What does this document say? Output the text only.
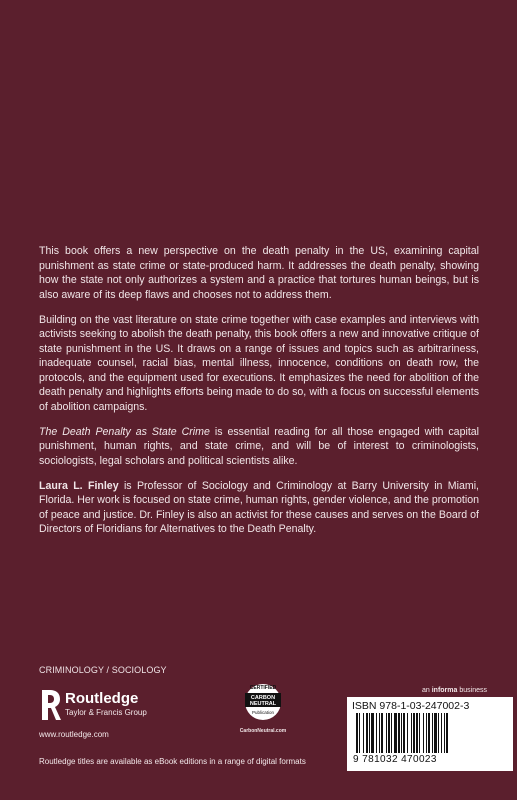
This book offers a new perspective on the death penalty in the US, examining capital punishment as state crime or state-produced harm. It addresses the death penalty, showing how the state not only authorizes a system and a practice that tortures human beings, but is also aware of its deep flaws and chooses not to address them.

Building on the vast literature on state crime together with case examples and interviews with activists seeking to abolish the death penalty, this book offers a new and innovative critique of state punishment in the US. It draws on a range of issues and topics such as arbitrariness, inadequate counsel, racial bias, mental illness, innocence, conditions on death row, the protocols, and the equipment used for executions. It emphasizes the need for abolition of the death penalty and highlights efforts being made to do so, with a focus on successful elements of abolition campaigns.

The Death Penalty as State Crime is essential reading for all those engaged with capital punishment, human rights, and state crime, and will be of interest to criminologists, sociologists, legal scholars and political scientists alike.

Laura L. Finley is Professor of Sociology and Criminology at Barry University in Miami, Florida. Her work is focused on state crime, human rights, gender violence, and the promotion of peace and justice. Dr. Finley is also an activist for these causes and serves on the Board of Directors of Floridians for Alternatives to the Death Penalty.

CRIMINOLOGY / SOCIOLOGY
Routledge
Taylor & Francis Group
www.routledge.com
CERTIFIED
CARBON
NEUTRAL
Publication
CarbonNeutral.com
Routledge titles are available as eBook editions in a range of digital formats
an informa business
ISBN 978-1-03-247002-3
9 781032 470023
